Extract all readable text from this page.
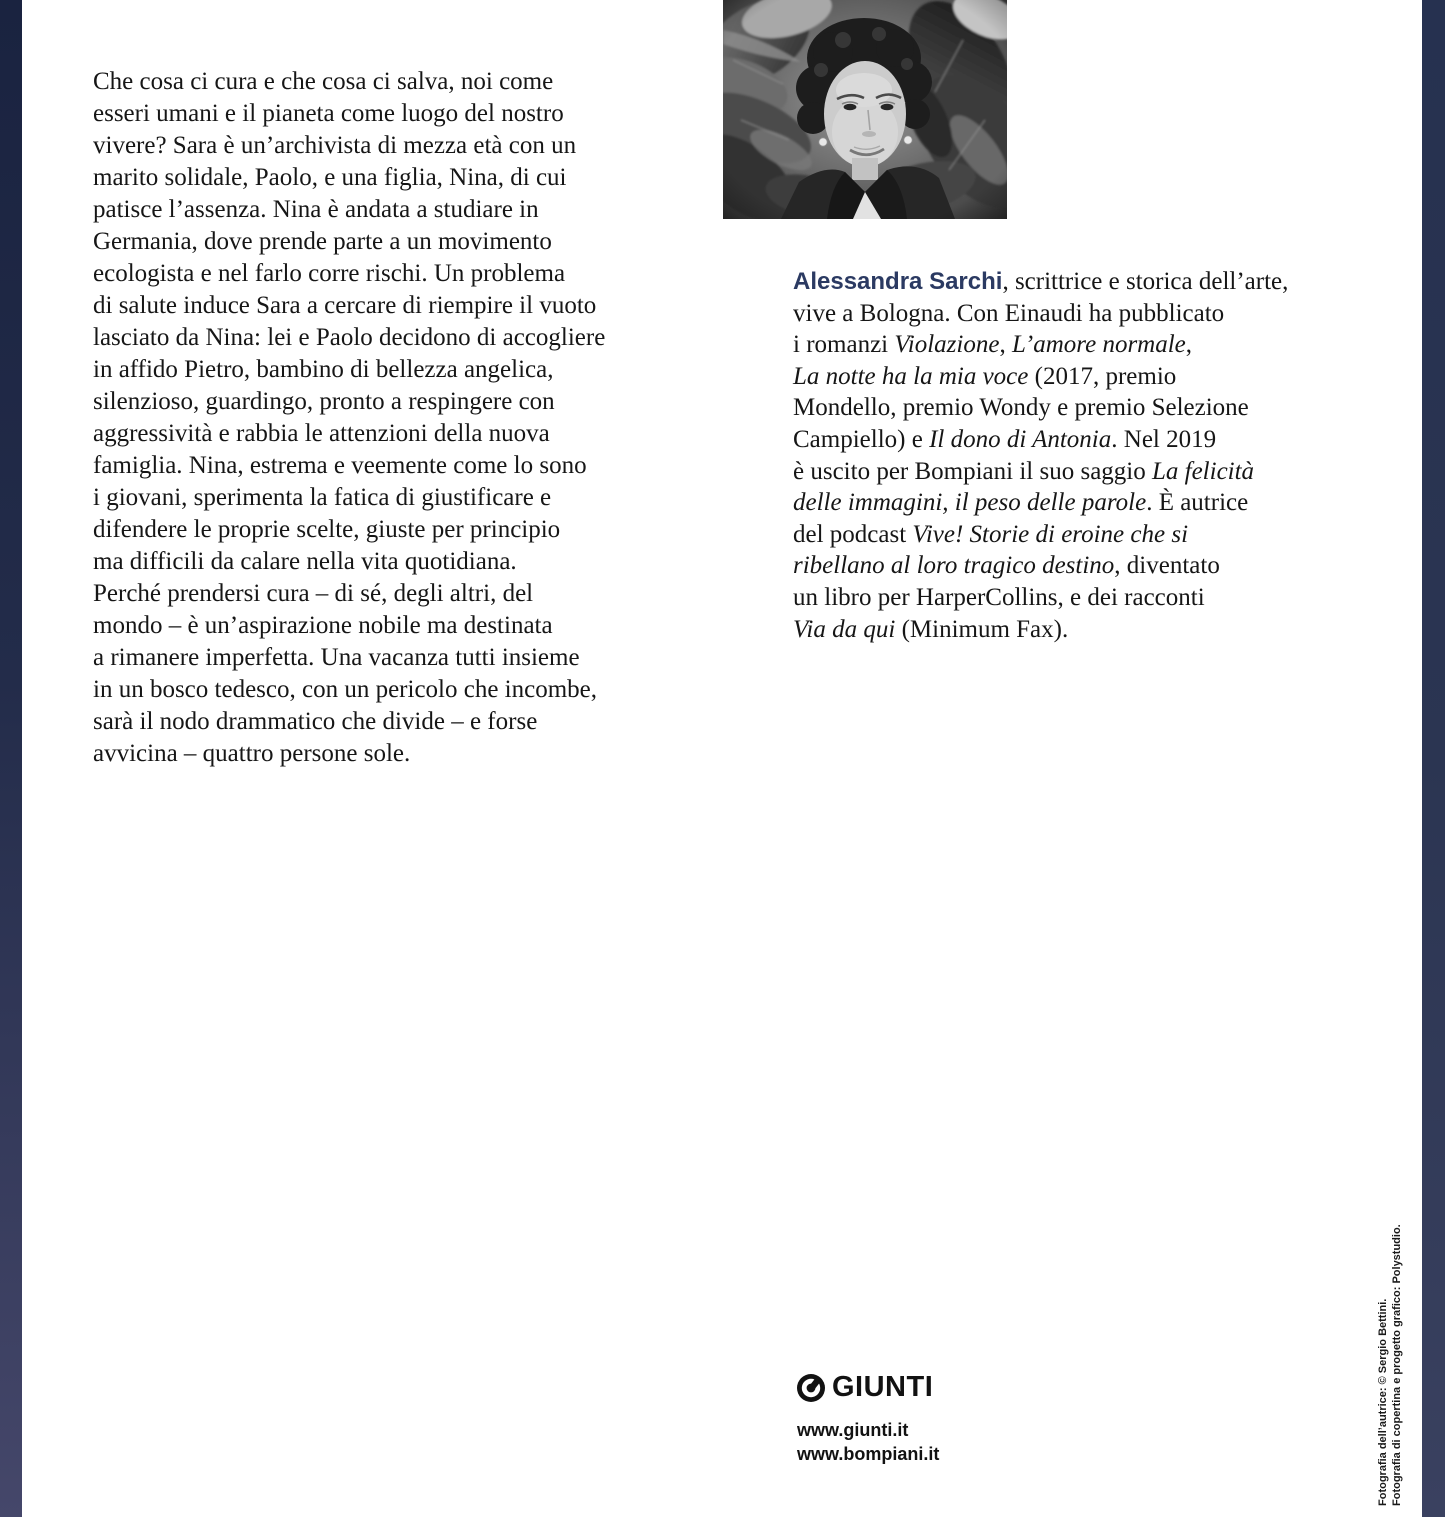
Che cosa ci cura e che cosa ci salva, noi come
esseri umani e il pianeta come luogo del nostro
vivere? Sara è un’archivista di mezza età con un
marito solidale, Paolo, e una figlia, Nina, di cui
patisce l’assenza. Nina è andata a studiare in
Germania, dove prende parte a un movimento
ecologista e nel farlo corre rischi. Un problema
di salute induce Sara a cercare di riempire il vuoto
lasciato da Nina: lei e Paolo decidono di accogliere
in affido Pietro, bambino di bellezza angelica,
silenzioso, guardingo, pronto a respingere con
aggressività e rabbia le attenzioni della nuova
famiglia. Nina, estrema e veemente come lo sono
i giovani, sperimenta la fatica di giustificare e
difendere le proprie scelte, giuste per principio
ma difficili da calare nella vita quotidiana.
Perché prendersi cura – di sé, degli altri, del
mondo – è un’aspirazione nobile ma destinata
a rimanere imperfetta. Una vacanza tutti insieme
in un bosco tedesco, con un pericolo che incombe,
sarà il nodo drammatico che divide – e forse
avvicina – quattro persone sole.
Alessandra Sarchi, scrittrice e storica dell’arte,
vive a Bologna. Con Einaudi ha pubblicato
i romanzi Violazione, L’amore normale,
La notte ha la mia voce (2017, premio
Mondello, premio Wondy e premio Selezione
Campiello) e Il dono di Antonia. Nel 2019
è uscito per Bompiani il suo saggio La felicità
delle immagini, il peso delle parole. È autrice
del podcast Vive! Storie di eroine che si
ribellano al loro tragico destino, diventato
un libro per HarperCollins, e dei racconti
Via da qui (Minimum Fax).
GIUNTI
www.giunti.it
www.bompiani.it	Fotografia dell’autrice: © Sergio Bettini. Fotografia di copertina e progetto grafico: Polystudio.
